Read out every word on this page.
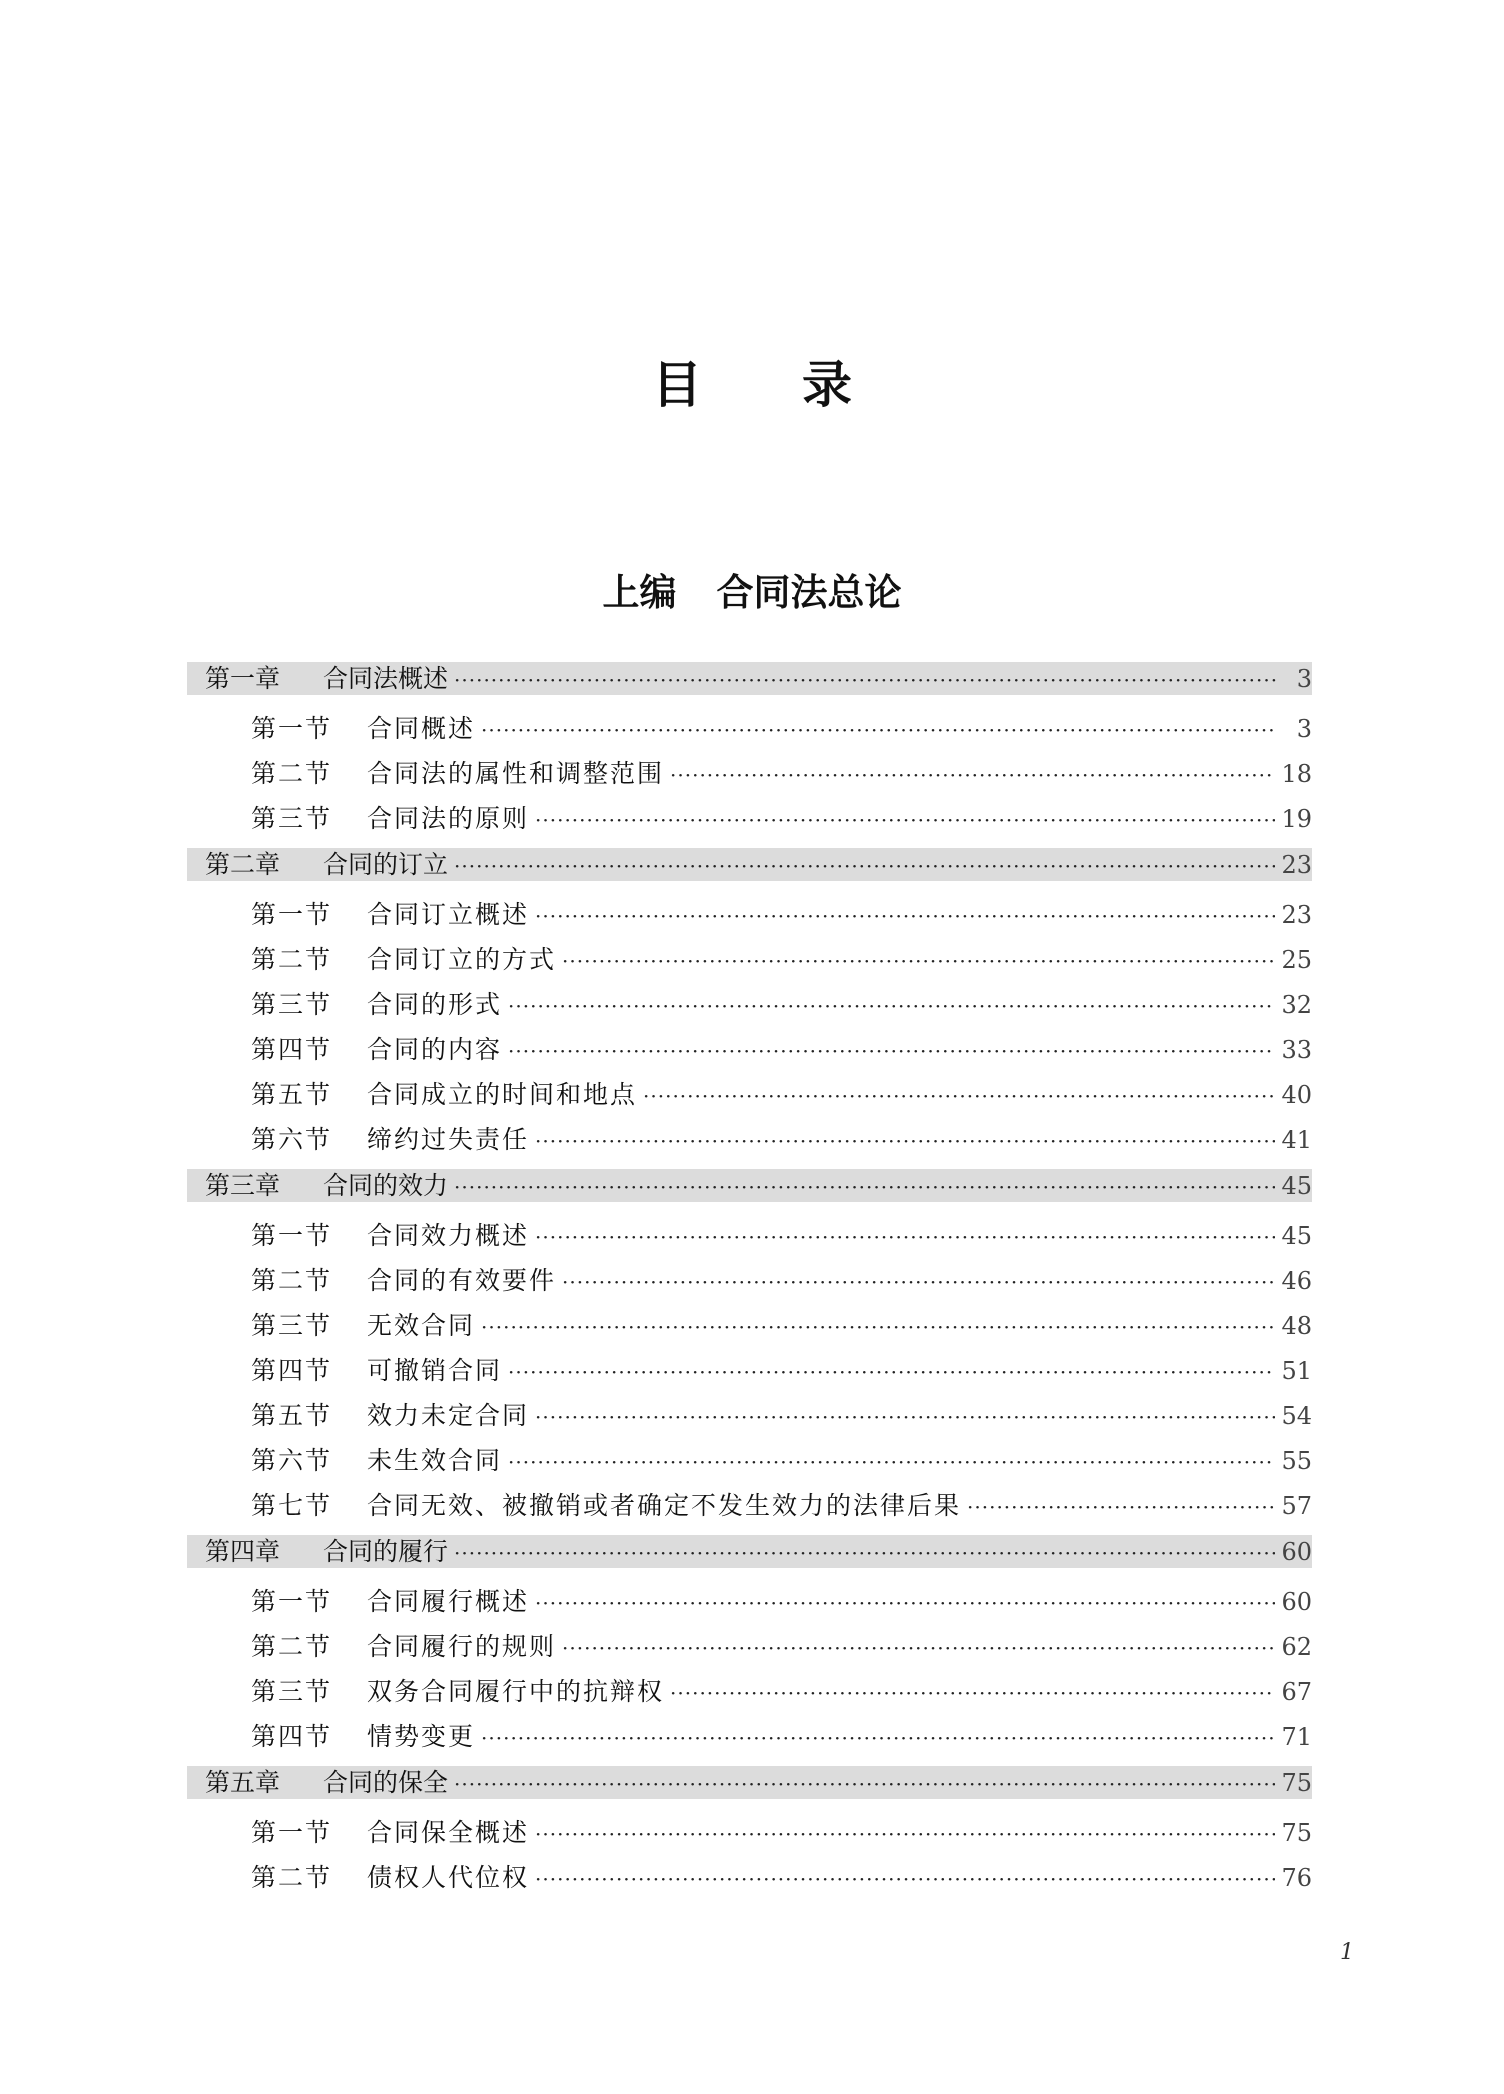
目录
上编 合同法总论
第一章	合同法概述 ·····	3
第一节	合同概述 ·····	3
第二节	合同法的属性和调整范围 ·····	18
第三节	合同法的原则 ·····	19
第二章	合同的订立 ·····	23
第一节	合同订立概述 ·····	23
第二节	合同订立的方式 ·····	25
第三节	合同的形式 ·····	32
第四节	合同的内容 ·····	33
第五节	合同成立的时间和地点 ·····	40
第六节	缔约过失责任 ·····	41
第三章	合同的效力 ·····	45
第一节	合同效力概述 ·····	45
第二节	合同的有效要件 ·····	46
第三节	无效合同 ·····	48
第四节	可撤销合同 ·····	51
第五节	效力未定合同 ·····	54
第六节	未生效合同 ·····	55
第七节	合同无效、被撤销或者确定不发生效力的法律后果 ·····	57
第四章	合同的履行 ·····	60
第一节	合同履行概述 ·····	60
第二节	合同履行的规则 ·····	62
第三节	双务合同履行中的抗辩权 ·····	67
第四节	情势变更 ·····	71
第五章	合同的保全 ·····	75
第一节	合同保全概述 ·····	75
第二节	债权人代位权 ·····	76
1
